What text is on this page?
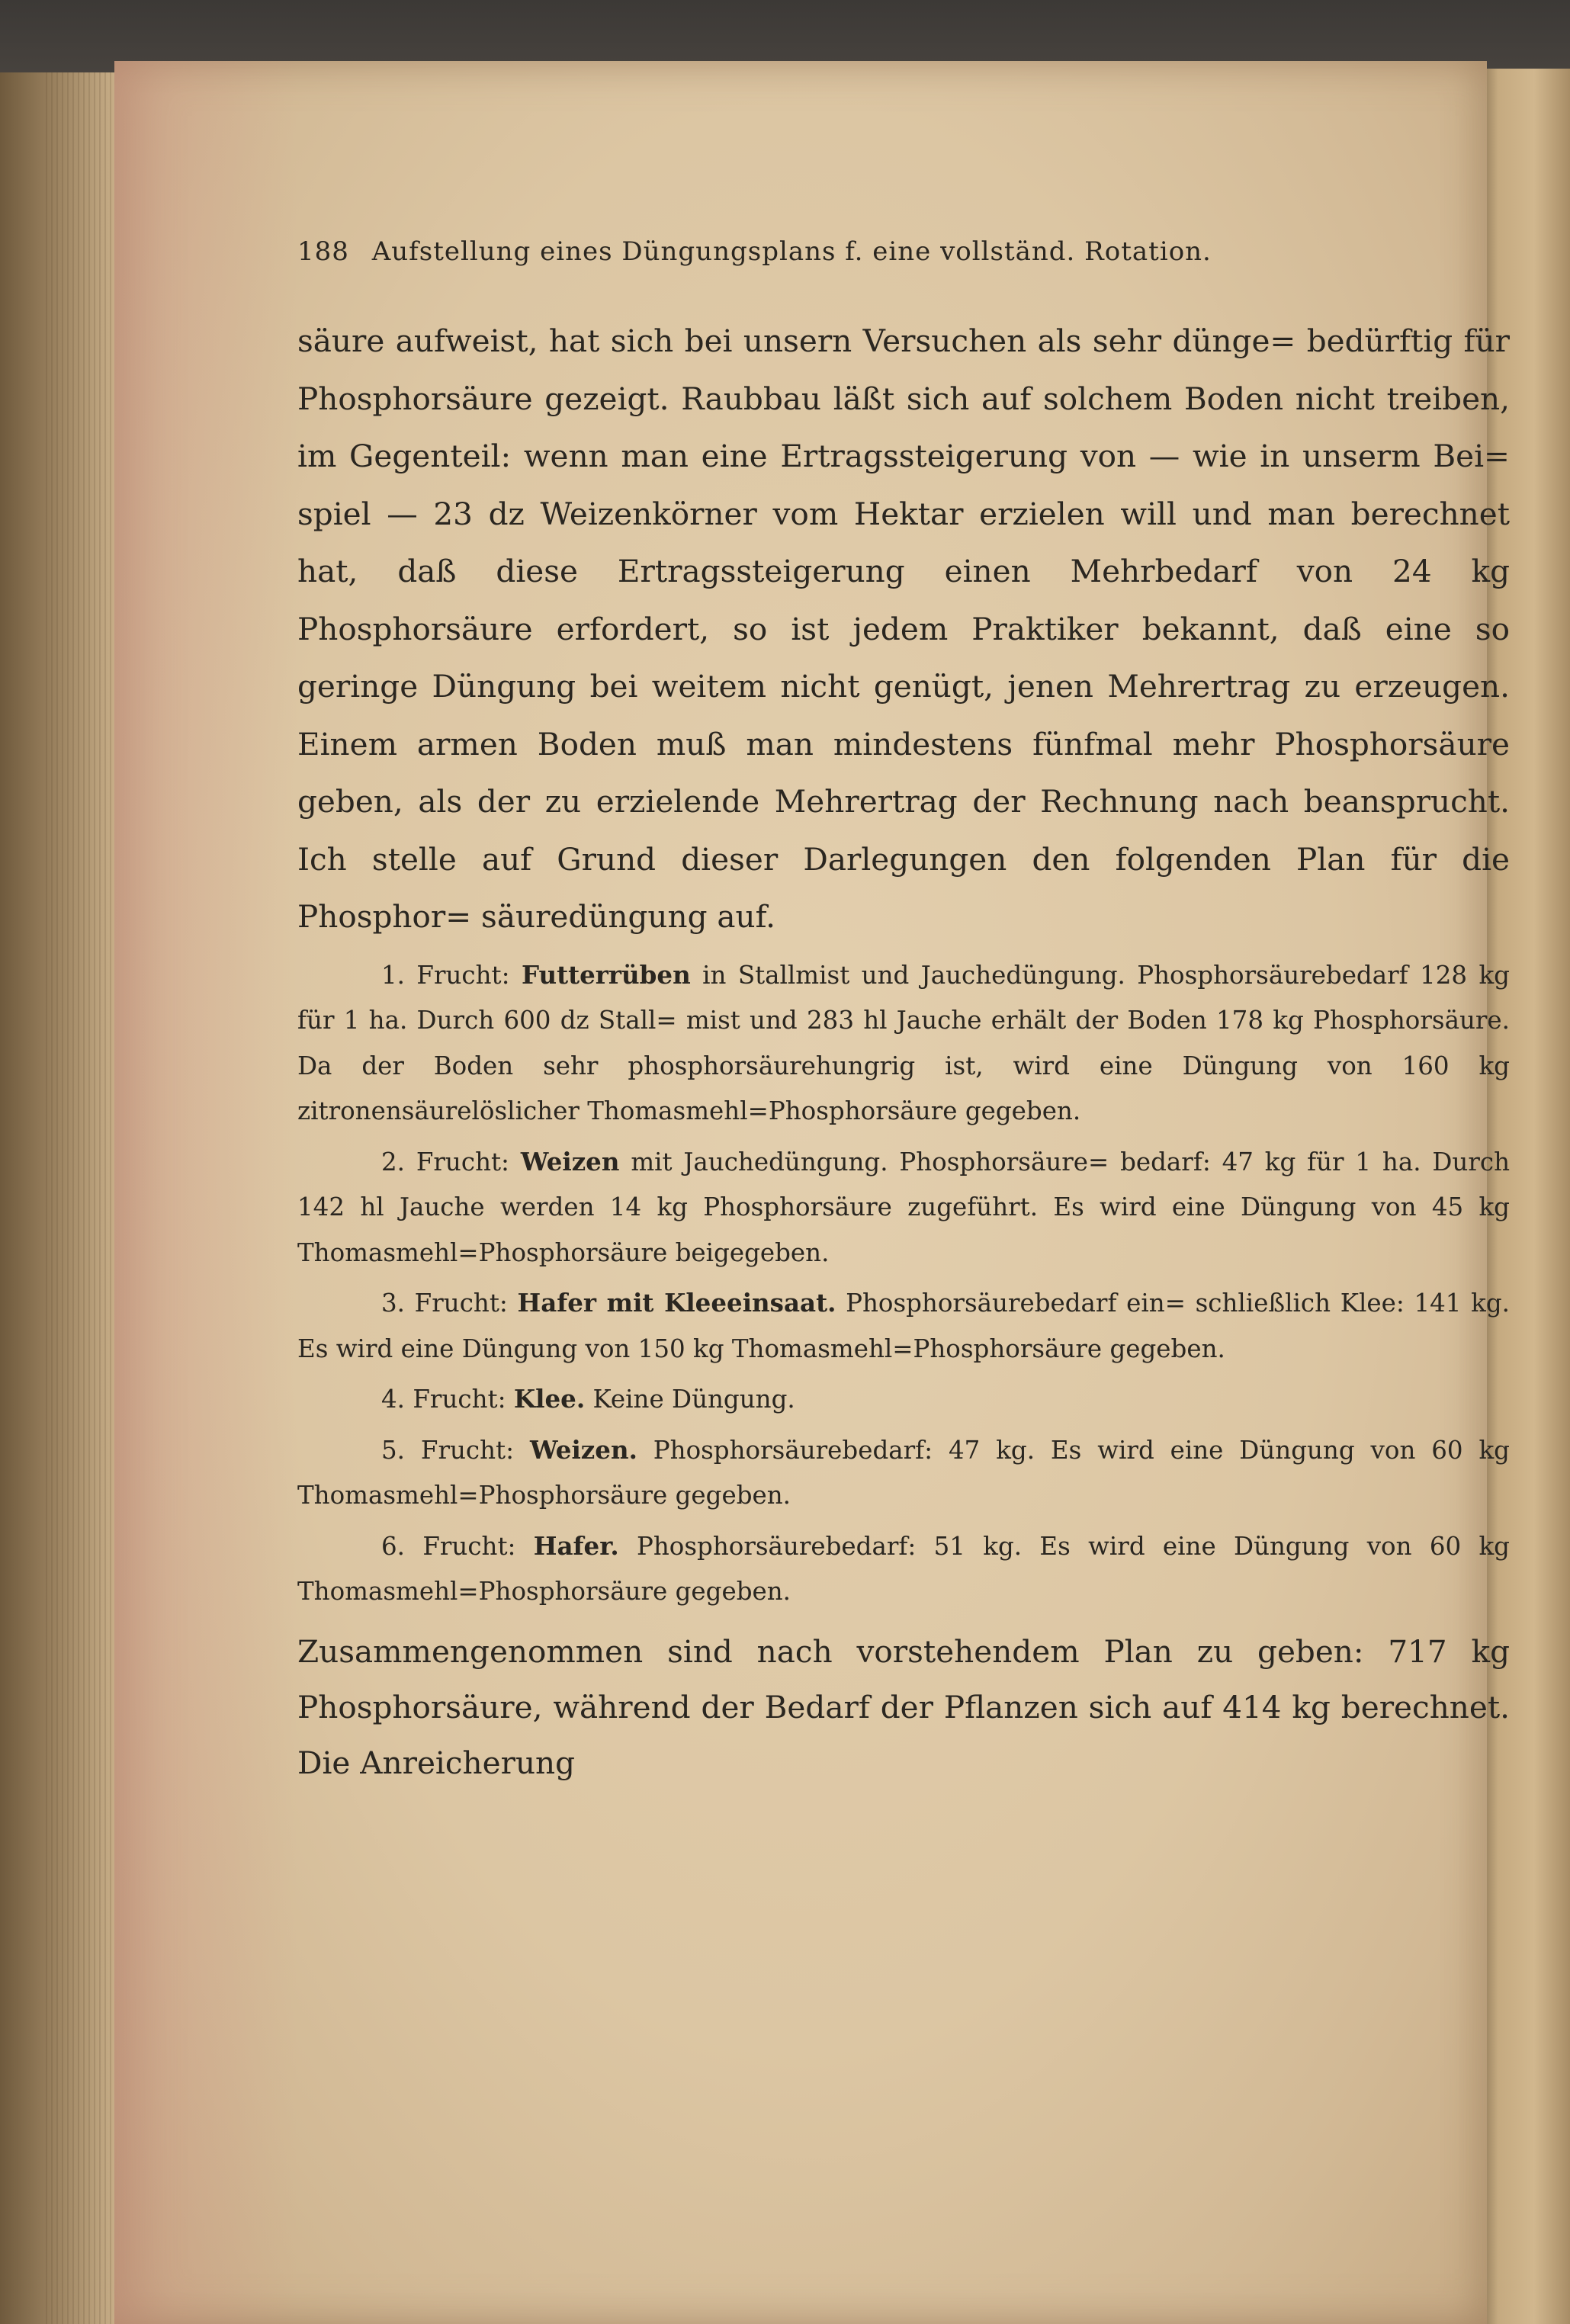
188 Aufstellung eines Düngungsplans f. eine vollständ. Rotation.

säure aufweist, hat sich bei unsern Versuchen als sehr dünge= bedürftig für Phosphorsäure gezeigt. Raubbau läßt sich auf solchem Boden nicht treiben, im Gegenteil: wenn man eine Ertragssteigerung von — wie in unserm Bei= spiel — 23 dz Weizenkörner vom Hektar erzielen will und man berechnet hat, daß diese Ertragssteigerung einen Mehrbedarf von 24 kg Phosphorsäure erfordert, so ist jedem Praktiker bekannt, daß eine so geringe Düngung bei weitem nicht genügt, jenen Mehrertrag zu erzeugen. Einem armen Boden muß man mindestens fünfmal mehr Phosphorsäure geben, als der zu erzielende Mehrertrag der Rechnung nach beansprucht. Ich stelle auf Grund dieser Darlegungen den folgenden Plan für die Phosphor= säuredüngung auf.

1. Frucht: Futterrüben in Stallmist und Jauchedüngung. Phosphorsäurebedarf 128 kg für 1 ha. Durch 600 dz Stall= mist und 283 hl Jauche erhält der Boden 178 kg Phosphorsäure. Da der Boden sehr phosphorsäurehungrig ist, wird eine Düngung von 160 kg zitronensäurelöslicher Thomasmehl=Phosphorsäure gegeben.

2. Frucht: Weizen mit Jauchedüngung. Phosphorsäure= bedarf: 47 kg für 1 ha. Durch 142 hl Jauche werden 14 kg Phosphorsäure zugeführt. Es wird eine Düngung von 45 kg Thomasmehl=Phosphorsäure beigegeben.

3. Frucht: Hafer mit Kleeeinsaat. Phosphorsäurebedarf ein= schließlich Klee: 141 kg. Es wird eine Düngung von 150 kg Thomasmehl=Phosphorsäure gegeben.

4. Frucht: Klee. Keine Düngung.

5. Frucht: Weizen. Phosphorsäurebedarf: 47 kg. Es wird eine Düngung von 60 kg Thomasmehl=Phosphorsäure gegeben.

6. Frucht: Hafer. Phosphorsäurebedarf: 51 kg. Es wird eine Düngung von 60 kg Thomasmehl=Phosphorsäure gegeben.

Zusammengenommen sind nach vorstehendem Plan zu geben: 717 kg Phosphorsäure, während der Bedarf der Pflanzen sich auf 414 kg berechnet. Die Anreicherung
